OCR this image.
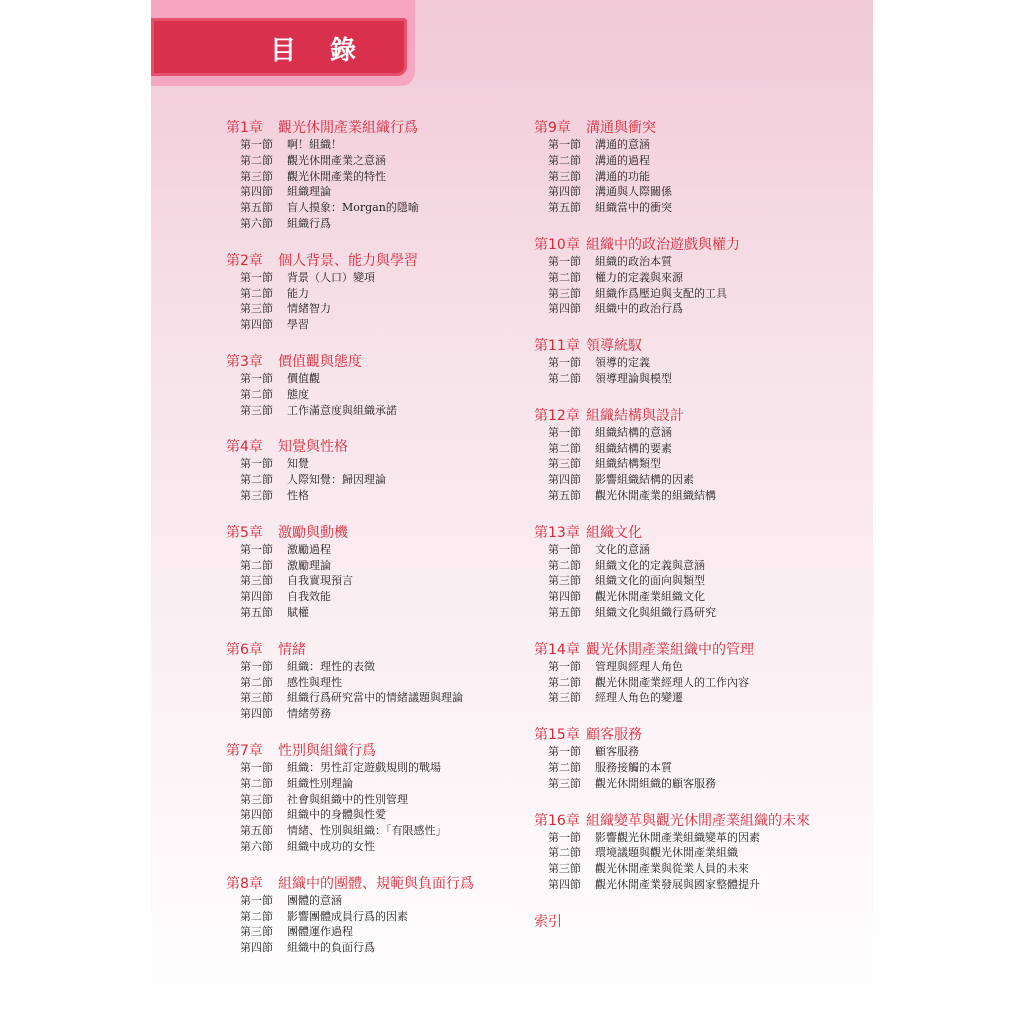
目錄
第1章 觀光休閒產業組織行爲
第一節 啊！組織！
第二節 觀光休閒產業之意涵
第三節 觀光休閒產業的特性
第四節 組織理論
第五節 盲人摸象：Morgan的隱喻
第六節 組織行爲
第2章 個人背景、能力與學習
第一節 背景（人口）變項
第二節 能力
第三節 情緒智力
第四節 學習
第3章 價值觀與態度
第一節 價值觀
第二節 態度
第三節 工作滿意度與組織承諾
第4章 知覺與性格
第一節 知覺
第二節 人際知覺：歸因理論
第三節 性格
第5章 激勵與動機
第一節 激勵過程
第二節 激勵理論
第三節 自我實現預言
第四節 自我效能
第五節 賦權
第6章 情緒
第一節 組織：理性的表徵
第二節 感性與理性
第三節 組織行爲研究當中的情緒議題與理論
第四節 情緒勞務
第7章 性別與組織行爲
第一節 組織：男性訂定遊戲規則的戰場
第二節 組織性別理論
第三節 社會與組織中的性別管理
第四節 組織中的身體與性愛
第五節 情緒、性別與組織：「有限感性」
第六節 組織中成功的女性
第8章 組織中的團體、規範與負面行爲
第一節 團體的意涵
第二節 影響團體成員行爲的因素
第三節 團體運作過程
第四節 組織中的負面行爲
第9章 溝通與衝突
第一節 溝通的意涵
第二節 溝通的過程
第三節 溝通的功能
第四節 溝通與人際關係
第五節 組織當中的衝突
第10章 組織中的政治遊戲與權力
第一節 組織的政治本質
第二節 權力的定義與來源
第三節 組織作爲壓迫與支配的工具
第四節 組織中的政治行爲
第11章 領導統馭
第一節 領導的定義
第二節 領導理論與模型
第12章 組織結構與設計
第一節 組織結構的意涵
第二節 組織結構的要素
第三節 組織結構類型
第四節 影響組織結構的因素
第五節 觀光休閒產業的組織結構
第13章 組織文化
第一節 文化的意涵
第二節 組織文化的定義與意涵
第三節 組織文化的面向與類型
第四節 觀光休閒產業組織文化
第五節 組織文化與組織行爲研究
第14章 觀光休閒產業組織中的管理
第一節 管理與經理人角色
第二節 觀光休閒產業經理人的工作內容
第三節 經理人角色的變遷
第15章 顧客服務
第一節 顧客服務
第二節 服務接觸的本質
第三節 觀光休閒組織的顧客服務
第16章 組織變革與觀光休閒產業組織的未來
第一節 影響觀光休閒產業組織變革的因素
第二節 環境議題與觀光休閒產業組織
第三節 觀光休閒產業與從業人員的未來
第四節 觀光休閒產業發展與國家整體提升
索引
